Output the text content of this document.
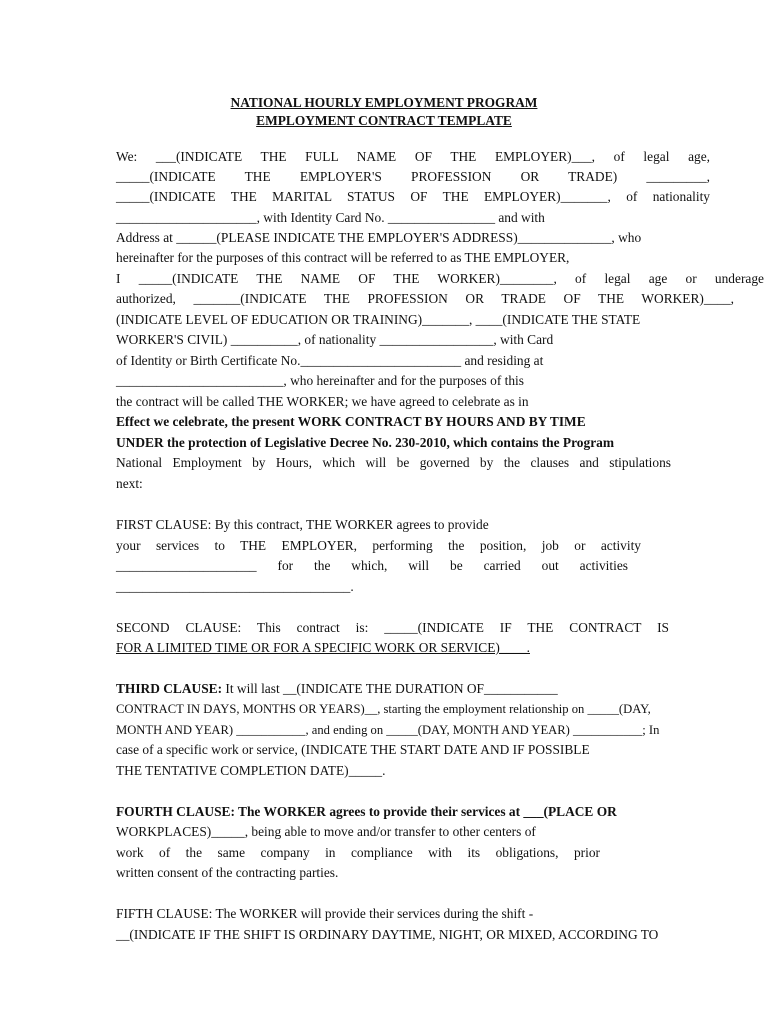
NATIONAL HOURLY EMPLOYMENT PROGRAM
EMPLOYMENT CONTRACT TEMPLATE
We: ___(INDICATE THE FULL NAME OF THE EMPLOYER)___, of legal age,
_____(INDICATE THE EMPLOYER'S PROFESSION OR TRADE) _________,
_____(INDICATE THE MARITAL STATUS OF THE EMPLOYER)_______, of nationality
_____________________, with Identity Card No. ________________ and with
Address at ______(PLEASE INDICATE THE EMPLOYER'S ADDRESS)______________, who
hereinafter for the purposes of this contract will be referred to as THE EMPLOYER,
I _____(INDICATE THE NAME OF THE WORKER)________, of legal age or underage
authorized, _______(INDICATE THE PROFESSION OR TRADE OF THE WORKER)____,
(INDICATE LEVEL OF EDUCATION OR TRAINING)_______, ____(INDICATE THE STATE
WORKER'S CIVIL) __________, of nationality _________________, with Card
of Identity or Birth Certificate No.________________________ and residing at
_________________________, who hereinafter and for the purposes of this
the contract will be called THE WORKER; we have agreed to celebrate as in
Effect we celebrate, the present WORK CONTRACT BY HOURS AND BY TIME
UNDER the protection of Legislative Decree No. 230-2010, which contains the Program
National Employment by Hours, which will be governed by the clauses and stipulations
next:
FIRST CLAUSE: By this contract, THE WORKER agrees to provide
your services to THE EMPLOYER, performing the position, job or activity
_____________________ for the which, will be carried out activities
___________________________________.
SECOND CLAUSE: This contract is: _____(INDICATE IF THE CONTRACT IS
FOR A LIMITED TIME OR FOR A SPECIFIC WORK OR SERVICE)____.
THIRD CLAUSE: It will last __(INDICATE THE DURATION OF___________
CONTRACT IN DAYS, MONTHS OR YEARS)__, starting the employment relationship on _____(DAY,
MONTH AND YEAR) ___________, and ending on _____(DAY, MONTH AND YEAR) ___________; In
case of a specific work or service, (INDICATE THE START DATE AND IF POSSIBLE
THE TENTATIVE COMPLETION DATE)_____.
FOURTH CLAUSE: The WORKER agrees to provide their services at ___(PLACE OR
WORKPLACES)_____, being able to move and/or transfer to other centers of
work of the same company in compliance with its obligations, prior
written consent of the contracting parties.
FIFTH CLAUSE: The WORKER will provide their services during the shift -
__(INDICATE IF THE SHIFT IS ORDINARY DAYTIME, NIGHT, OR MIXED, ACCORDING TO
